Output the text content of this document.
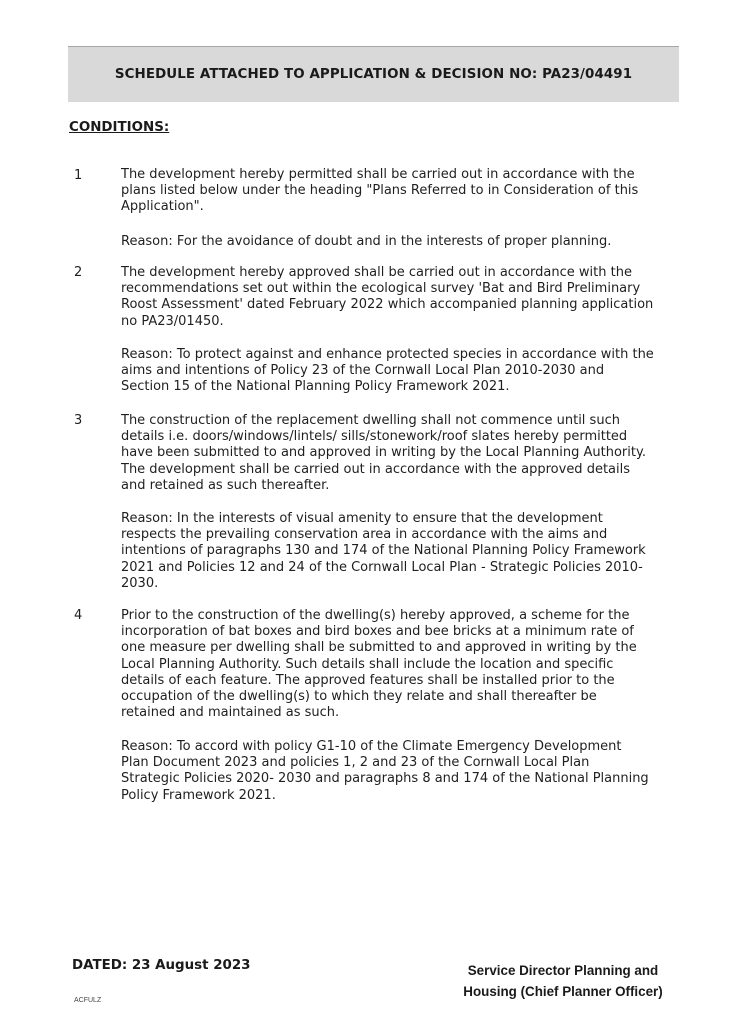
SCHEDULE ATTACHED TO APPLICATION & DECISION NO: PA23/04491
CONDITIONS:
1	The development hereby permitted shall be carried out in accordance with the
plans listed below under the heading "Plans Referred to in Consideration of this
Application".
Reason: For the avoidance of doubt and in the interests of proper planning.
2	The development hereby approved shall be carried out in accordance with the
recommendations set out within the ecological survey 'Bat and Bird Preliminary
Roost Assessment' dated February 2022 which accompanied planning application
no PA23/01450.
Reason: To protect against and enhance protected species in accordance with the
aims and intentions of Policy 23 of the Cornwall Local Plan 2010-2030 and
Section 15 of the National Planning Policy Framework 2021.
3	The construction of the replacement dwelling shall not commence until such
details i.e. doors/windows/lintels/ sills/stonework/roof slates hereby permitted
have been submitted to and approved in writing by the Local Planning Authority.
The development shall be carried out in accordance with the approved details
and retained as such thereafter.
Reason: In the interests of visual amenity to ensure that the development
respects the prevailing conservation area in accordance with the aims and
intentions of paragraphs 130 and 174 of the National Planning Policy Framework
2021 and Policies 12 and 24 of the Cornwall Local Plan - Strategic Policies 2010-
2030.
4	Prior to the construction of the dwelling(s) hereby approved, a scheme for the
incorporation of bat boxes and bird boxes and bee bricks at a minimum rate of
one measure per dwelling shall be submitted to and approved in writing by the
Local Planning Authority. Such details shall include the location and specific
details of each feature. The approved features shall be installed prior to the
occupation of the dwelling(s) to which they relate and shall thereafter be
retained and maintained as such.
Reason: To accord with policy G1-10 of the Climate Emergency Development
Plan Document 2023 and policies 1, 2 and 23 of the Cornwall Local Plan
Strategic Policies 2020- 2030 and paragraphs 8 and 174 of the National Planning
Policy Framework 2021.
DATED: 23 August 2023	Service Director Planning and
Housing (Chief Planner Officer)
ACFULZ
